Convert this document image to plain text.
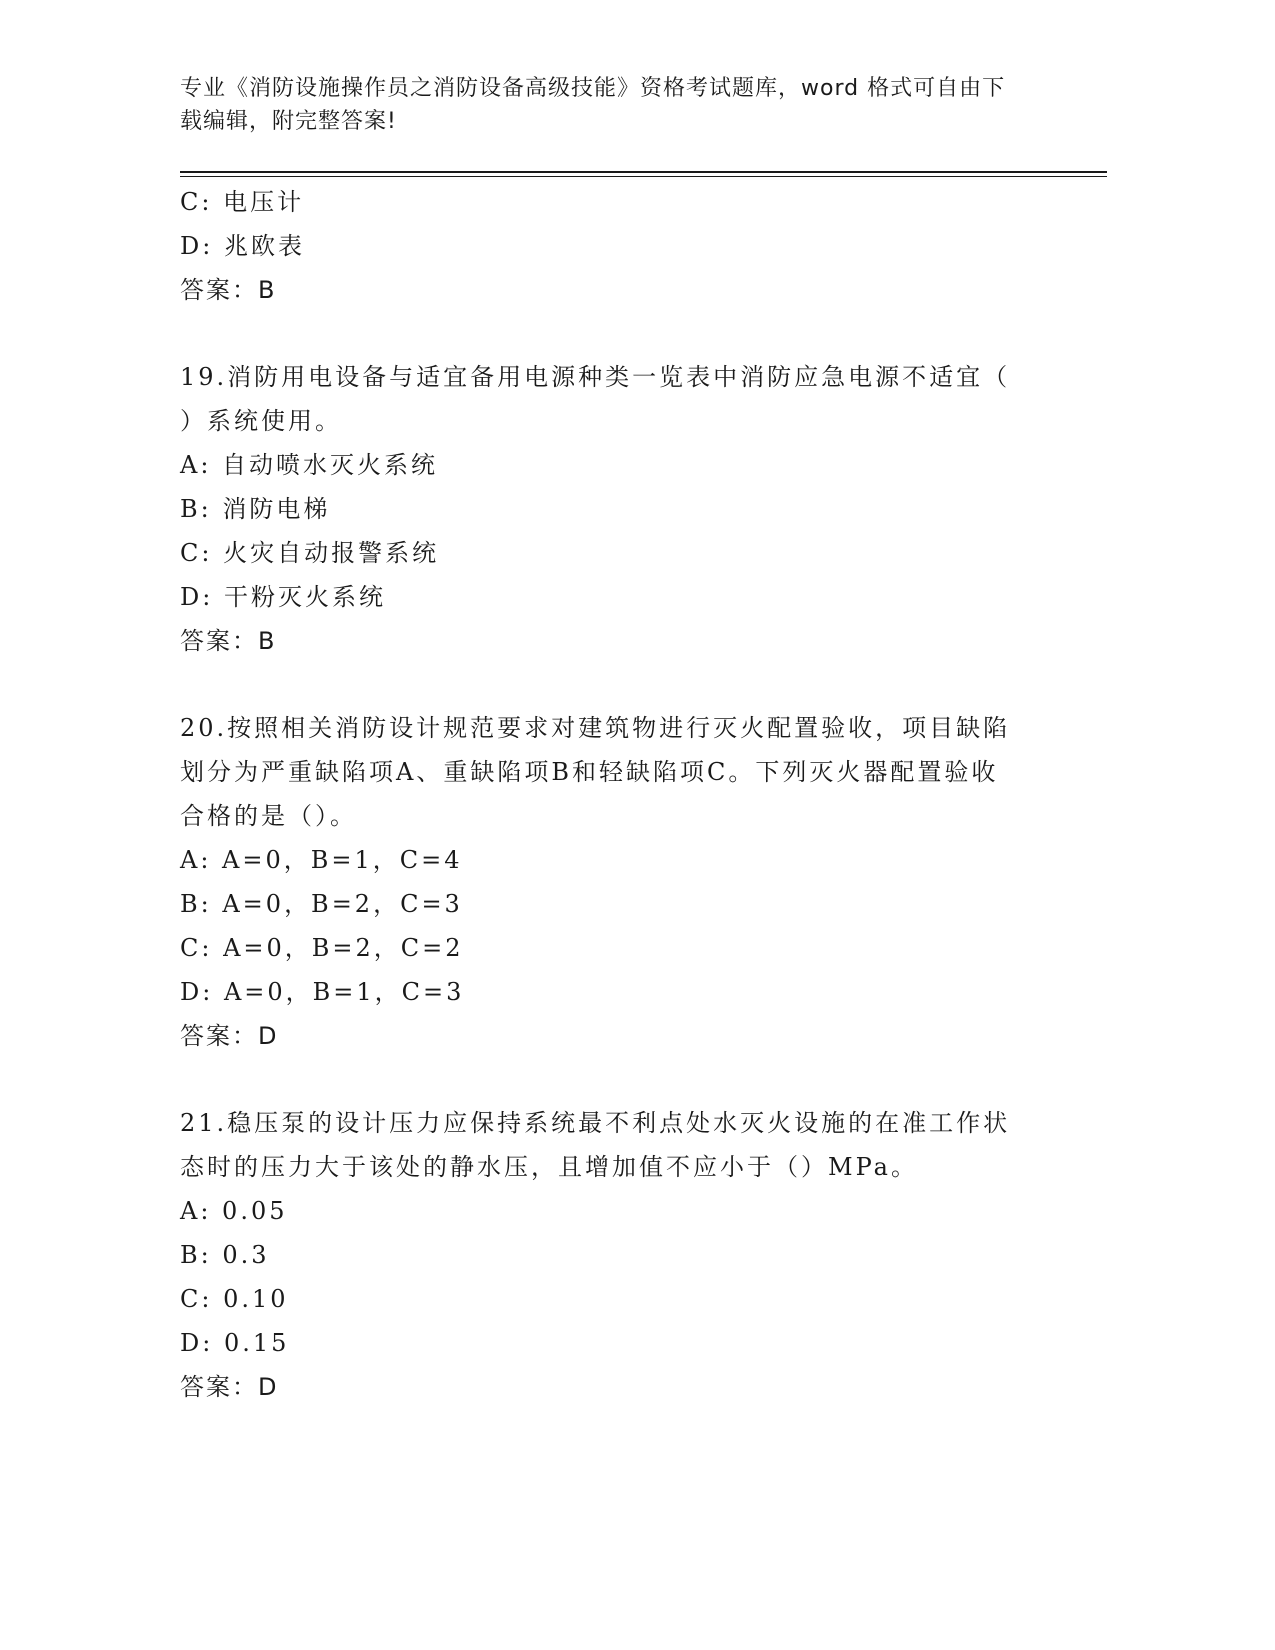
专业《消防设施操作员之消防设备高级技能》资格考试题库，word 格式可自由下
载编辑，附完整答案!
C: 电压计
D: 兆欧表
答案：B
19.消防用电设备与适宜备用电源种类一览表中消防应急电源不适宜（
）系统使用。
A: 自动喷水灭火系统
B: 消防电梯
C: 火灾自动报警系统
D: 干粉灭火系统
答案：B
20.按照相关消防设计规范要求对建筑物进行灭火配置验收，项目缺陷
划分为严重缺陷项A、重缺陷项B和轻缺陷项C。下列灭火器配置验收
合格的是（）。
A: A=0，B=1，C=4
B: A=0，B=2，C=3
C: A=0，B=2，C=2
D: A=0，B=1，C=3
答案：D
21.稳压泵的设计压力应保持系统最不利点处水灭火设施的在准工作状
态时的压力大于该处的静水压，且增加值不应小于（）MPa。
A: 0.05
B: 0.3
C: 0.10
D: 0.15
答案：D
